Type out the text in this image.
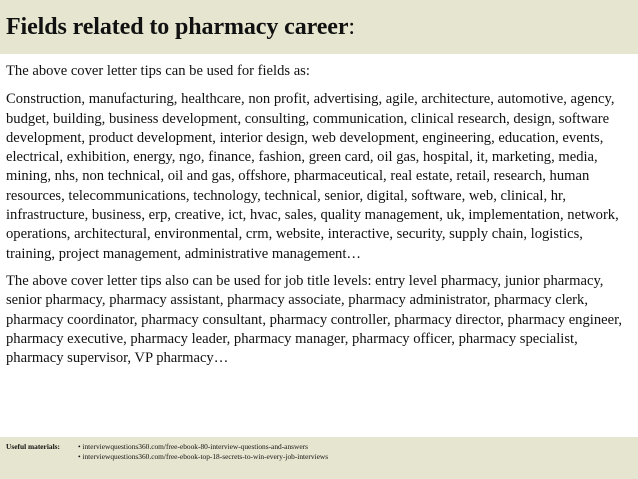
Fields related to pharmacy career:

The above cover letter tips can be used for fields as:

Construction, manufacturing, healthcare, non profit, advertising, agile, architecture, automotive, agency, budget, building, business development, consulting, communication, clinical research, design, software development, product development, interior design, web development, engineering, education, events, electrical, exhibition, energy, ngo, finance, fashion, green card, oil gas, hospital, it, marketing, media, mining, nhs, non technical, oil and gas, offshore, pharmaceutical, real estate, retail, research, human resources, telecommunications, technology, technical, senior, digital, software, web, clinical, hr, infrastructure, business, erp, creative, ict, hvac, sales, quality management, uk, implementation, network, operations, architectural, environmental, crm, website, interactive, security, supply chain, logistics, training, project management, administrative management…

The above cover letter tips also can be used for job title levels: entry level pharmacy, junior pharmacy, senior pharmacy, pharmacy assistant, pharmacy associate, pharmacy administrator, pharmacy clerk, pharmacy coordinator, pharmacy consultant, pharmacy controller, pharmacy director, pharmacy engineer, pharmacy executive, pharmacy leader, pharmacy manager, pharmacy officer, pharmacy specialist, pharmacy supervisor, VP pharmacy…

Useful materials:	• interviewquestions360.com/free-ebook-80-interview-questions-and-answers
• interviewquestions360.com/free-ebook-top-18-secrets-to-win-every-job-interviews
